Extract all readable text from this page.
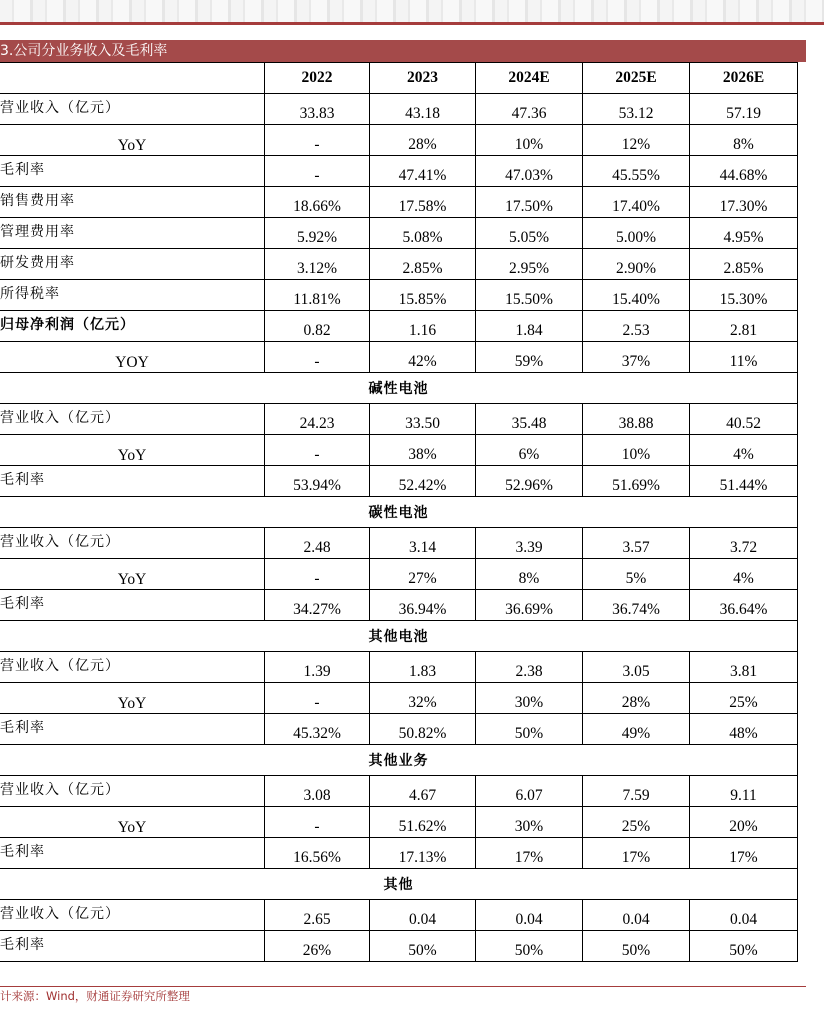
3.公司分业务收入及毛利率
	2022	2023	2024E	2025E	2026E
营业收入（亿元）	33.83	43.18	47.36	53.12	57.19
YoY	-	28%	10%	12%	8%
毛利率	-	47.41%	47.03%	45.55%	44.68%
销售费用率	18.66%	17.58%	17.50%	17.40%	17.30%
管理费用率	5.92%	5.08%	5.05%	5.00%	4.95%
研发费用率	3.12%	2.85%	2.95%	2.90%	2.85%
所得税率	11.81%	15.85%	15.50%	15.40%	15.30%
归母净利润（亿元）	0.82	1.16	1.84	2.53	2.81
YOY	-	42%	59%	37%	11%
碱性电池					
营业收入（亿元）	24.23	33.50	35.48	38.88	40.52
YoY	-	38%	6%	10%	4%
毛利率	53.94%	52.42%	52.96%	51.69%	51.44%
碳性电池					
营业收入（亿元）	2.48	3.14	3.39	3.57	3.72
YoY	-	27%	8%	5%	4%
毛利率	34.27%	36.94%	36.69%	36.74%	36.64%
其他电池					
营业收入（亿元）	1.39	1.83	2.38	3.05	3.81
YoY	-	32%	30%	28%	25%
毛利率	45.32%	50.82%	50%	49%	48%
其他业务					
营业收入（亿元）	3.08	4.67	6.07	7.59	9.11
YoY	-	51.62%	30%	25%	20%
毛利率	16.56%	17.13%	17%	17%	17%
其他					
营业收入（亿元）	2.65	0.04	0.04	0.04	0.04
毛利率	26%	50%	50%	50%	50%
计来源：Wind，财通证券研究所整理
